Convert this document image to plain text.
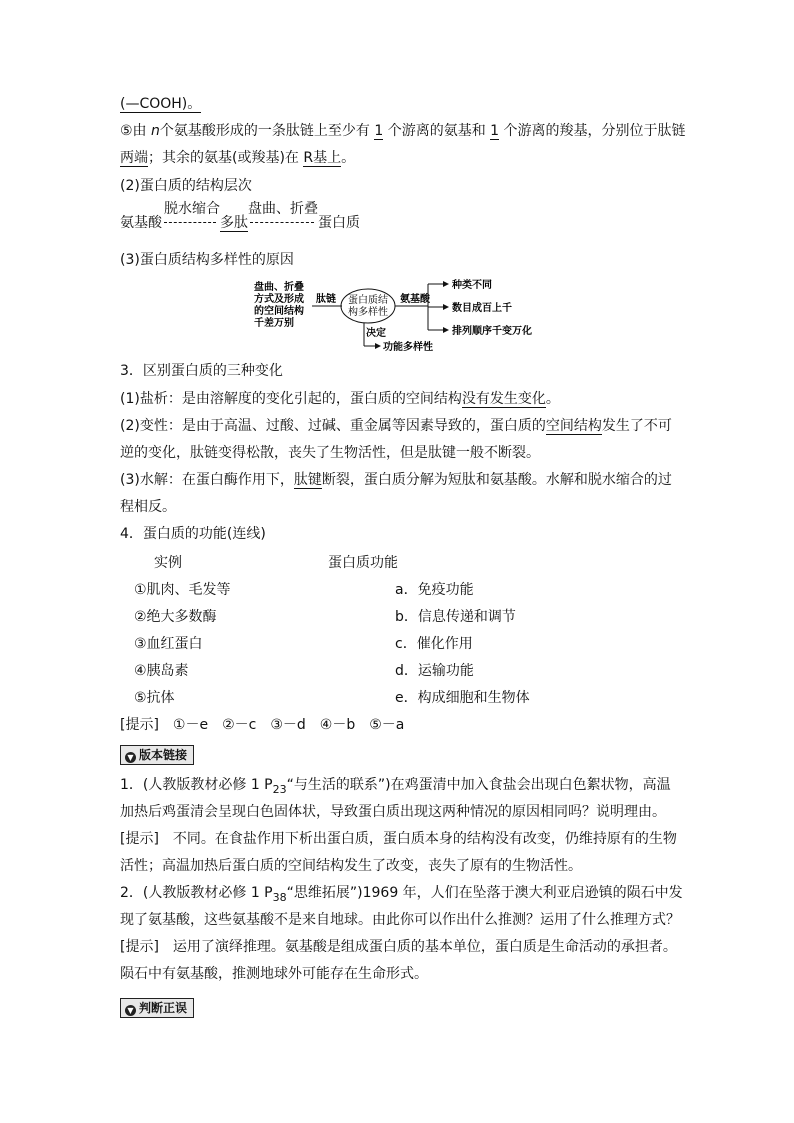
(—COOH)。
⑤由 n个氨基酸形成的一条肽链上至少有 1 个游离的氨基和 1 个游离的羧基，分别位于肽链
两端；其余的氨基(或羧基)在 R基上。
(2)蛋白质的结构层次
氨基酸
脱水缩合
多肽
盘曲、折叠
蛋白质
(3)蛋白质结构多样性的原因
盘曲、折叠
方式及形成
的空间结构
千差万别
肽链 蛋白质结
构多样性
氨基酸
种类不同
数目成百上千
排列顺序千变万化
决定
功能多样性
3．区别蛋白质的三种变化
(1)盐析：是由溶解度的变化引起的，蛋白质的空间结构没有发生变化。
(2)变性：是由于高温、过酸、过碱、重金属等因素导致的，蛋白质的空间结构发生了不可
逆的变化，肽链变得松散，丧失了生物活性，但是肽键一般不断裂。
(3)水解：在蛋白酶作用下，肽键断裂，蛋白质分解为短肽和氨基酸。水解和脱水缩合的过
程相反。
4．蛋白质的功能(连线)
实例	蛋白质功能
①肌肉、毛发等
②绝大多数酶
③血红蛋白
④胰岛素
⑤抗体
a．免疫功能
b．信息传递和调节
c．催化作用
d．运输功能
e．构成细胞和生物体
[提示]　①－e　②－c　③－d　④－b　⑤－a
▼ 版本链接
1．(人教版教材必修 1 $P_{23}“$与生活的联系”)在鸡蛋清中加入食盐会出现白色絮状物，高温
加热后鸡蛋清会呈现白色固体状，导致蛋白质出现这两种情况的原因相同吗？说明理由。
[提示]　不同。在食盐作用下析出蛋白质，蛋白质本身的结构没有改变，仍维持原有的生物
活性；高温加热后蛋白质的空间结构发生了改变，丧失了原有的生物活性。
2．(人教版教材必修 1 $P_{38}“$思维拓展”)1969 年，人们在坠落于澳大利亚启逊镇的陨石中发
现了氨基酸，这些氨基酸不是来自地球。由此你可以作出什么推测？运用了什么推理方式？
[提示]　运用了演绎推理。氨基酸是组成蛋白质的基本单位，蛋白质是生命活动的承担者。
陨石中有氨基酸，推测地球外可能存在生命形式。
▼ 判断正误
